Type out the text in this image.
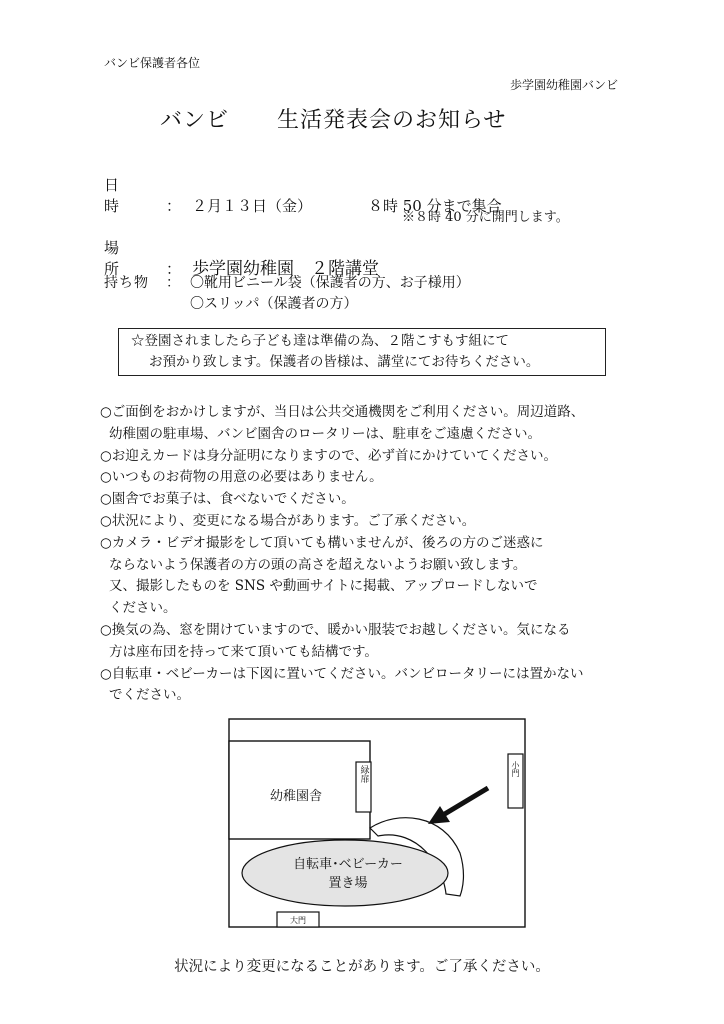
バンビ保護者各位
歩学園幼稚園バンビ
バンビ 生活発表会のお知らせ
日　時	： ２月１３日（金）	８時 50 分まで集合
※８時 40 分に開門します。
場　所	： 歩学園幼稚園　２階講堂
持ち物 ： 〇靴用ビニール袋（保護者の方、お子様用）
〇スリッパ（保護者の方）
☆登園されましたら子ども達は準備の為、２階こすもす組にて
お預かり致します。保護者の皆様は、講堂にてお待ちください。
○ご面倒をおかけしますが、当日は公共交通機関をご利用ください。周辺道路、
幼稚園の駐車場、バンビ園舎のロータリーは、駐車をご遠慮ください。
○お迎えカードは身分証明になりますので、必ず首にかけていてください。
○いつものお荷物の用意の必要はありません。
○園舎でお菓子は、食べないでください。
○状況により、変更になる場合があります。ご了承ください。
○カメラ・ビデオ撮影をして頂いても構いませんが、後ろの方のご迷惑に
ならないよう保護者の方の頭の高さを超えないようお願い致します。
又、撮影したものを SNS や動画サイトに掲載、アップロードしないで
ください。
○換気の為、窓を開けていますので、暖かい服装でお越しください。気になる
方は座布団を持って来て頂いても結構です。
○自転車・ベビーカーは下図に置いてください。バンビロータリーには置かない
でください。
幼稚園舎
緑扉	小門
自転車･ベビーカー
置き場
大門
状況により変更になることがあります。ご了承ください。
